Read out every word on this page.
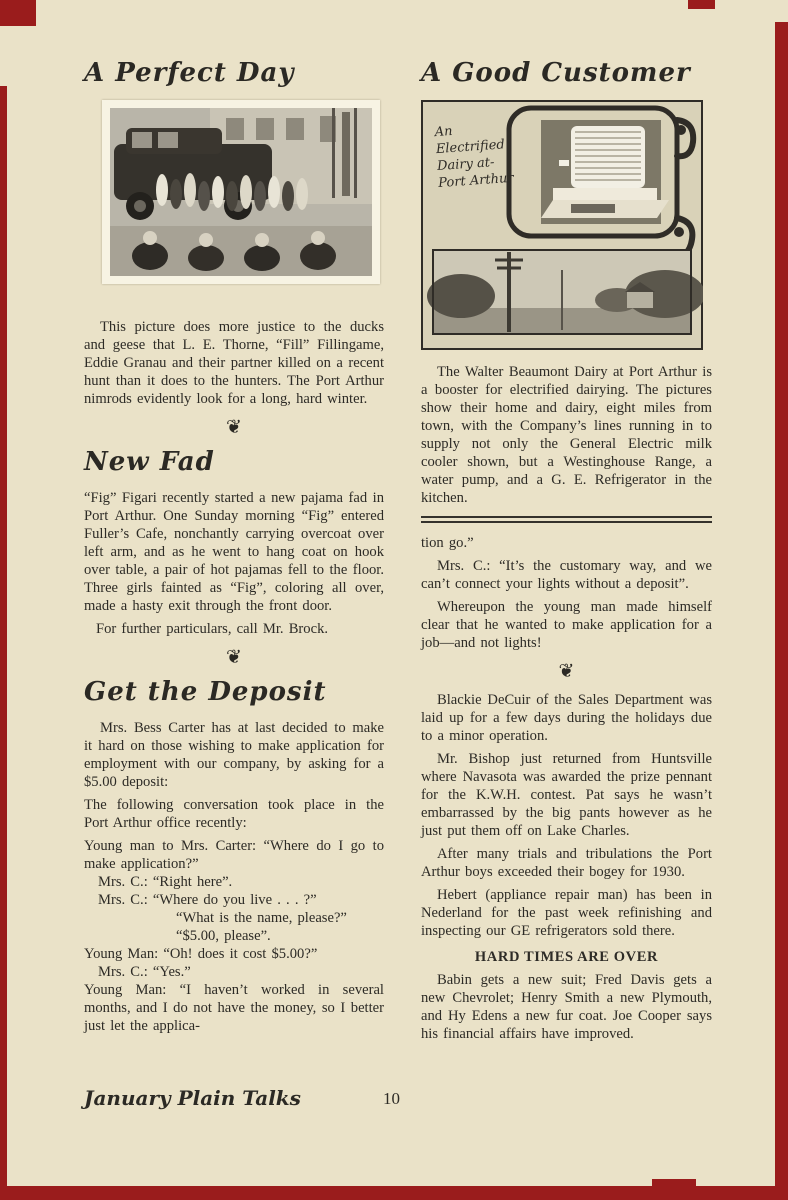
A Perfect Day

This picture does more justice to the ducks and geese that L. E. Thorne, “Fill” Fillingame, Eddie Granau and their partner killed on a recent hunt than it does to the hunters. The Port Arthur nimrods evidently look for a long, hard winter.

❦
New Fad

“Fig” Figari recently started a new pajama fad in Port Arthur. One Sunday morning “Fig” entered Fuller’s Cafe, nonchantly carrying overcoat over left arm, and as he went to hang coat on hook over table, a pair of hot pajamas fell to the floor. Three girls fainted as “Fig”, coloring all over, made a hasty exit through the front door.

For further particulars, call Mr. Brock.

❦
Get the Deposit

Mrs. Bess Carter has at last decided to make it hard on those wishing to make application for employment with our company, by asking for a $5.00 deposit:

The following conversation took place in the Port Arthur office recently:

Young man to Mrs. Carter: “Where do I go to make application?”

Mrs. C.: “Right here”.

Mrs. C.: “Where do you live . . . ?”

“What is the name, please?”

“$5.00, please”.

Young Man: “Oh! does it cost $5.00?”

Mrs. C.: “Yes.”

Young Man: “I haven’t worked in several months, and I do not have the money, so I better just let the applica-

A Good Customer
An
Electrified
Dairy at-
Port Arthur

The Walter Beaumont Dairy at Port Arthur is a booster for electrified dairying. The pictures show their home and dairy, eight miles from town, with the Company’s lines running in to supply not only the General Electric milk cooler shown, but a Westinghouse Range, a water pump, and a G. E. Refrigerator in the kitchen.

tion go.”

Mrs. C.: “It’s the customary way, and we can’t connect your lights without a deposit”.

Whereupon the young man made himself clear that he wanted to make application for a job—and not lights!

❦

Blackie DeCuir of the Sales Department was laid up for a few days during the holidays due to a minor operation.

Mr. Bishop just returned from Huntsville where Navasota was awarded the prize pennant for the K.W.H. contest. Pat says he wasn’t embarrassed by the big pants however as he just put them off on Lake Charles.

After many trials and tribulations the Port Arthur boys exceeded their bogey for 1930.

Hebert (appliance repair man) has been in Nederland for the past week refinishing and inspecting our GE refrigerators sold there.

HARD TIMES ARE OVER

Babin gets a new suit; Fred Davis gets a new Chevrolet; Henry Smith a new Plymouth, and Hy Edens a new fur coat. Joe Cooper says his financial affairs have improved.

January Plain Talks	10
